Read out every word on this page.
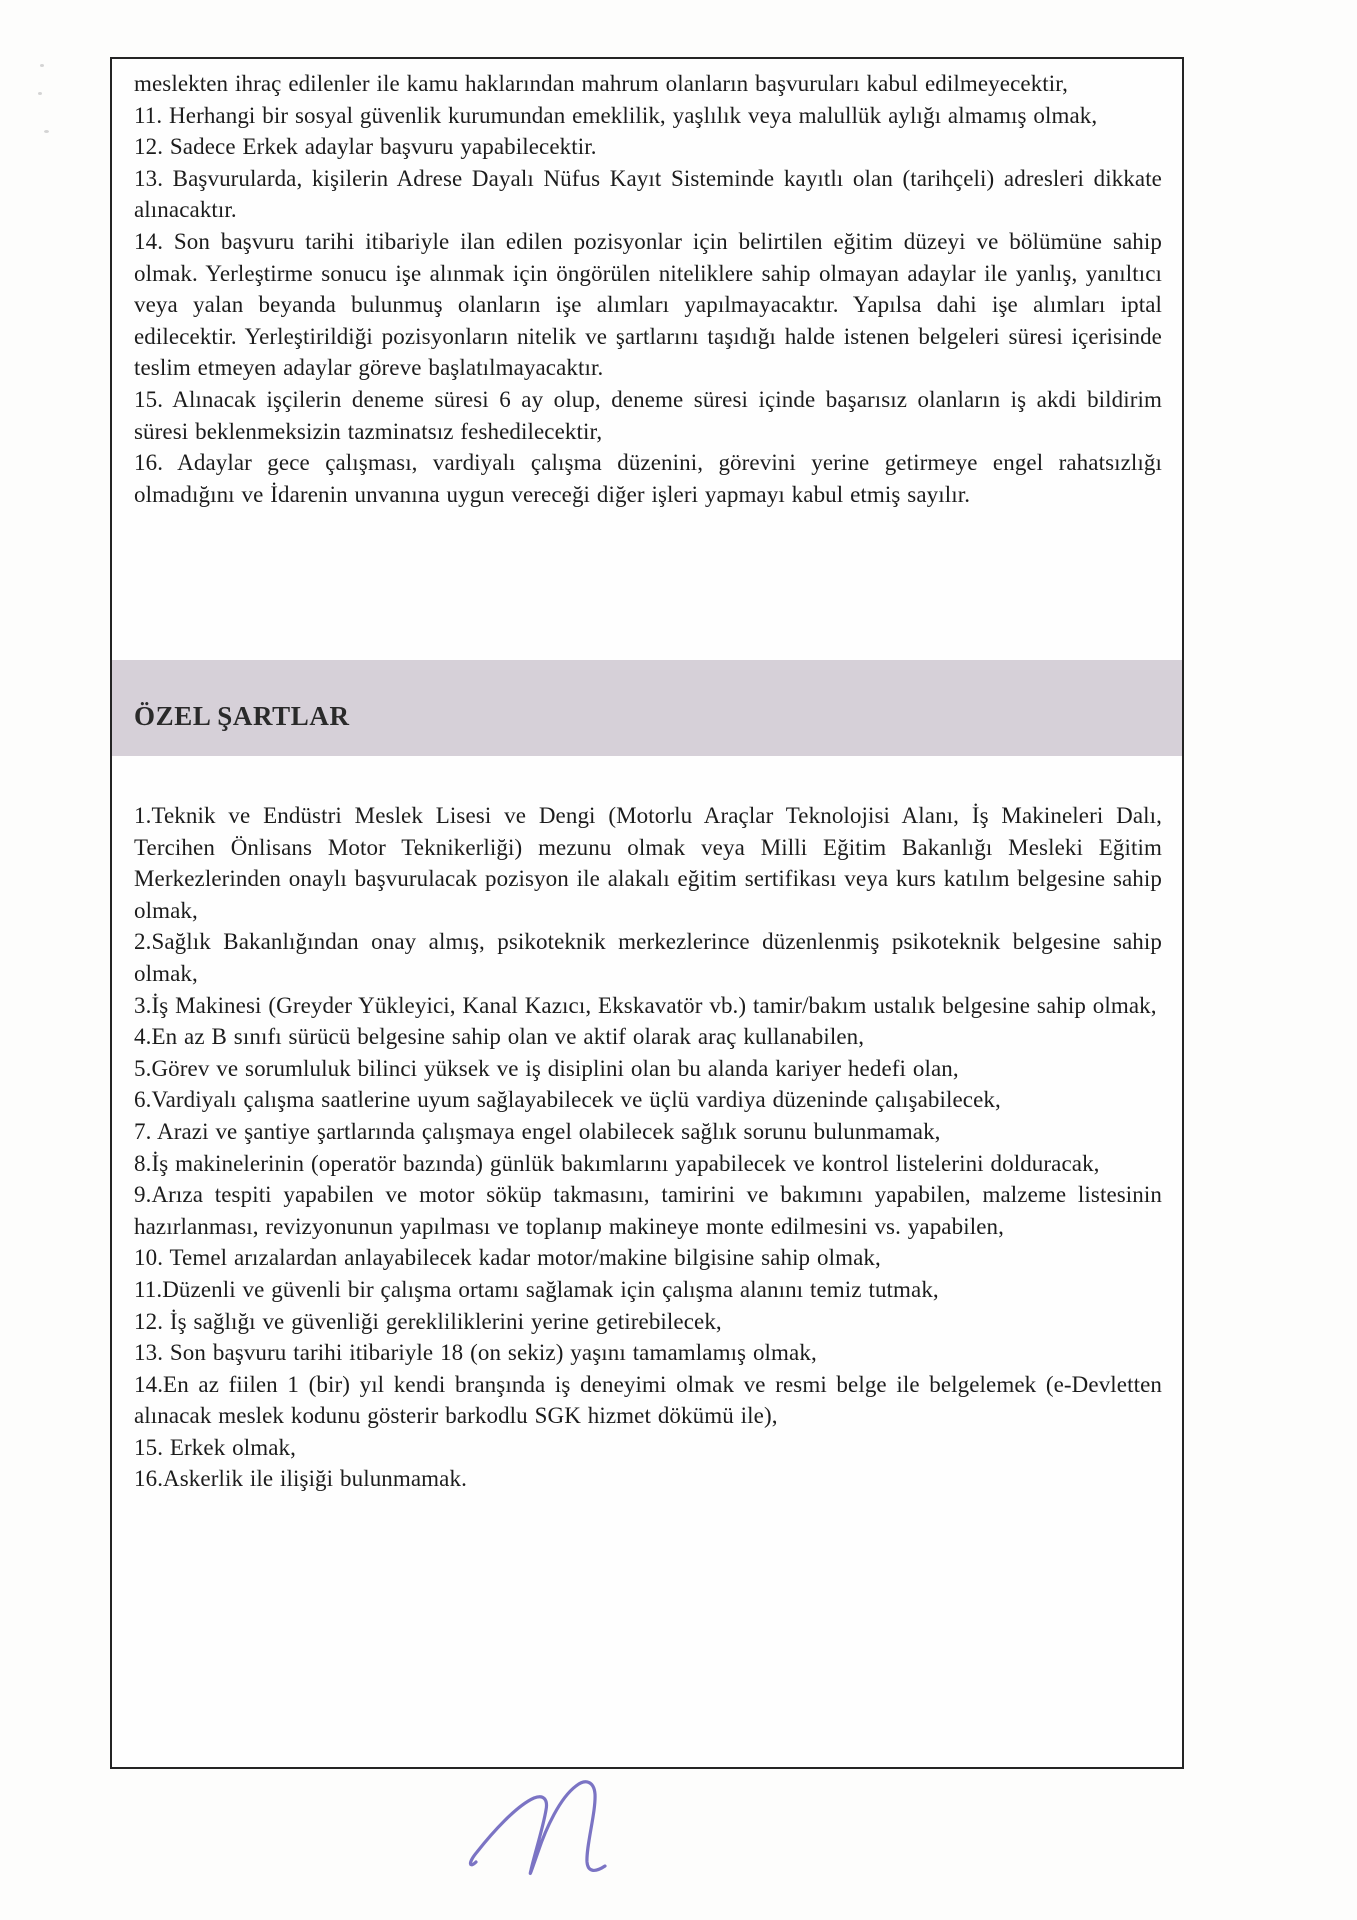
meslekten ihraç edilenler ile kamu haklarından mahrum olanların başvuruları kabul edilmeyecektir,

11. Herhangi bir sosyal güvenlik kurumundan emeklilik, yaşlılık veya malullük aylığı almamış olmak,

12. Sadece Erkek adaylar başvuru yapabilecektir.

13. Başvurularda, kişilerin Adrese Dayalı Nüfus Kayıt Sisteminde kayıtlı olan (tarihçeli) adresleri dikkate alınacaktır.

14. Son başvuru tarihi itibariyle ilan edilen pozisyonlar için belirtilen eğitim düzeyi ve bölümüne sahip olmak. Yerleştirme sonucu işe alınmak için öngörülen niteliklere sahip olmayan adaylar ile yanlış, yanıltıcı veya yalan beyanda bulunmuş olanların işe alımları yapılmayacaktır. Yapılsa dahi işe alımları iptal edilecektir. Yerleştirildiği pozisyonların nitelik ve şartlarını taşıdığı halde istenen belgeleri süresi içerisinde teslim etmeyen adaylar göreve başlatılmayacaktır.

15. Alınacak işçilerin deneme süresi 6 ay olup, deneme süresi içinde başarısız olanların iş akdi bildirim süresi beklenmeksizin tazminatsız feshedilecektir,

16. Adaylar gece çalışması, vardiyalı çalışma düzenini, görevini yerine getirmeye engel rahatsızlığı olmadığını ve İdarenin unvanına uygun vereceği diğer işleri yapmayı kabul etmiş sayılır.

ÖZEL ŞARTLAR

1.Teknik ve Endüstri Meslek Lisesi ve Dengi (Motorlu Araçlar Teknolojisi Alanı, İş Makineleri Dalı, Tercihen Önlisans Motor Teknikerliği) mezunu olmak veya Milli Eğitim Bakanlığı Mesleki Eğitim Merkezlerinden onaylı başvurulacak pozisyon ile alakalı eğitim sertifikası veya kurs katılım belgesine sahip olmak,

2.Sağlık Bakanlığından onay almış, psikoteknik merkezlerince düzenlenmiş psikoteknik belgesine sahip olmak,

3.İş Makinesi (Greyder Yükleyici, Kanal Kazıcı, Ekskavatör vb.) tamir/bakım ustalık belgesine sahip olmak,

4.En az B sınıfı sürücü belgesine sahip olan ve aktif olarak araç kullanabilen,

5.Görev ve sorumluluk bilinci yüksek ve iş disiplini olan bu alanda kariyer hedefi olan,

6.Vardiyalı çalışma saatlerine uyum sağlayabilecek ve üçlü vardiya düzeninde çalışabilecek,

7. Arazi ve şantiye şartlarında çalışmaya engel olabilecek sağlık sorunu bulunmamak,

8.İş makinelerinin (operatör bazında) günlük bakımlarını yapabilecek ve kontrol listelerini dolduracak,

9.Arıza tespiti yapabilen ve motor söküp takmasını, tamirini ve bakımını yapabilen, malzeme listesinin hazırlanması, revizyonunun yapılması ve toplanıp makineye monte edilmesini vs. yapabilen,

10. Temel arızalardan anlayabilecek kadar motor/makine bilgisine sahip olmak,

11.Düzenli ve güvenli bir çalışma ortamı sağlamak için çalışma alanını temiz tutmak,

12. İş sağlığı ve güvenliği gerekliliklerini yerine getirebilecek,

13. Son başvuru tarihi itibariyle 18 (on sekiz) yaşını tamamlamış olmak,

14.En az fiilen 1 (bir) yıl kendi branşında iş deneyimi olmak ve resmi belge ile belgelemek (e-Devletten alınacak meslek kodunu gösterir barkodlu SGK hizmet dökümü ile),

15. Erkek olmak,

16.Askerlik ile ilişiği bulunmamak.
